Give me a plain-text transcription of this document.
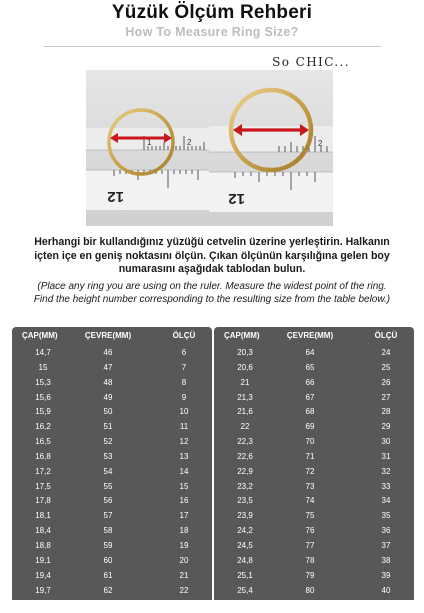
Yüzük Ölçüm Rehberi
How To Measure Ring Size?
So CHIC...
1	2
12
2
12
Herhangi bir kullandığınız yüzüğü cetvelin üzerine yerleştirin. Halkanın içten içe en geniş noktasını ölçün. Çıkan ölçünün karşılığına gelen boy numarasını aşağıdak tablodan bulun.
(Place any ring you are using on the ruler. Measure the widest point of the ring. Find the height number corresponding to the resulting size from the table below.)
ÇAP(MM)	ÇEVRE(MM)	ÖLÇÜ
14,7	46	6
15	47	7
15,3	48	8
15,6	49	9
15,9	50	10
16,2	51	11
16,5	52	12
16,8	53	13
17,2	54	14
17,5	55	15
17,8	56	16
18,1	57	17
18,4	58	18
18,8	59	19
19,1	60	20
19,4	61	21
19,7	62	22
20	63	23
ÇAP(MM)	ÇEVRE(MM)	ÖLÇÜ
20,3	64	24
20,6	65	25
21	66	26
21,3	67	27
21,6	68	28
22	69	29
22,3	70	30
22,6	71	31
22,9	72	32
23,2	73	33
23,5	74	34
23,9	75	35
24,2	76	36
24,5	77	37
24,8	78	38
25,1	79	39
25,4	80	40
